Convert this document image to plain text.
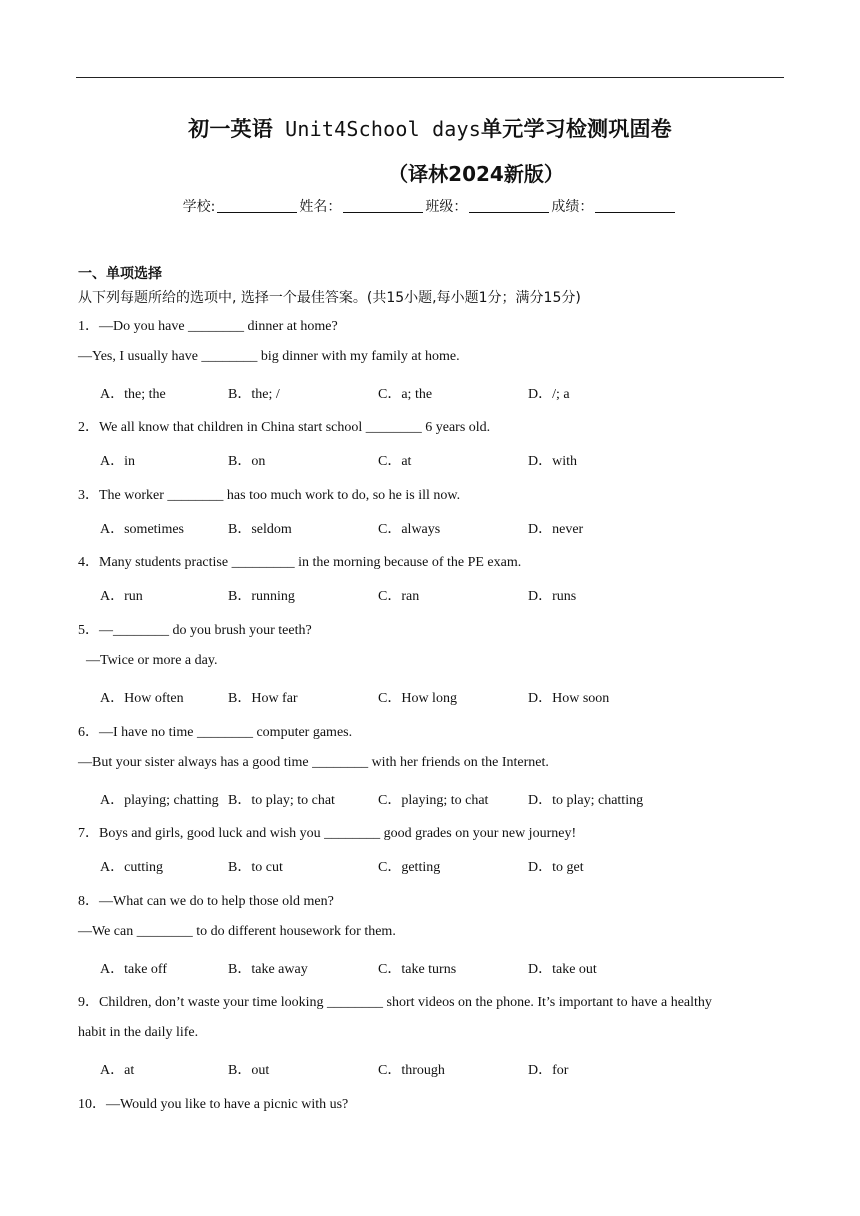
初一英语 Unit4School days单元学习检测巩固卷
（译林2024新版）
学校:	姓名：	班级：	成绩：
一、单项选择
从下列每题所给的选项中, 选择一个最佳答案。(共15小题,每小题1分；满分15分)
1．—Do you have ________ dinner at home?
—Yes, I usually have ________ big dinner with my family at home.
A．the; the	B．the; /	C．a; the	D．/; a
2．We all know that children in China start school ________ 6 years old.
A．in	B．on	C．at	D．with
3．The worker ________ has too much work to do, so he is ill now.
A．sometimes	B．seldom	C．always	D．never
4．Many students practise _________ in the morning because of the PE exam.
A．run	B．running	C．ran	D．runs
5．—________ do you brush your teeth?
—Twice or more a day.
A．How often	B．How far	C．How long	D．How soon
6．—I have no time ________ computer games.
—But your sister always has a good time ________ with her friends on the Internet.
A．playing; chatting B．to play; to chat	C．playing; to chat	D．to play; chatting
7．Boys and girls, good luck and wish you ________ good grades on your new journey!
A．cutting	B．to cut	C．getting	D．to get
8．—What can we do to help those old men?
—We can ________ to do different housework for them.
A．take off	B．take away	C．take turns	D．take out
9．Children, don’t waste your time looking ________ short videos on the phone. It’s important to have a healthy
habit in the daily life.
A．at	B．out	C．through	D．for
10．—Would you like to have a picnic with us?
